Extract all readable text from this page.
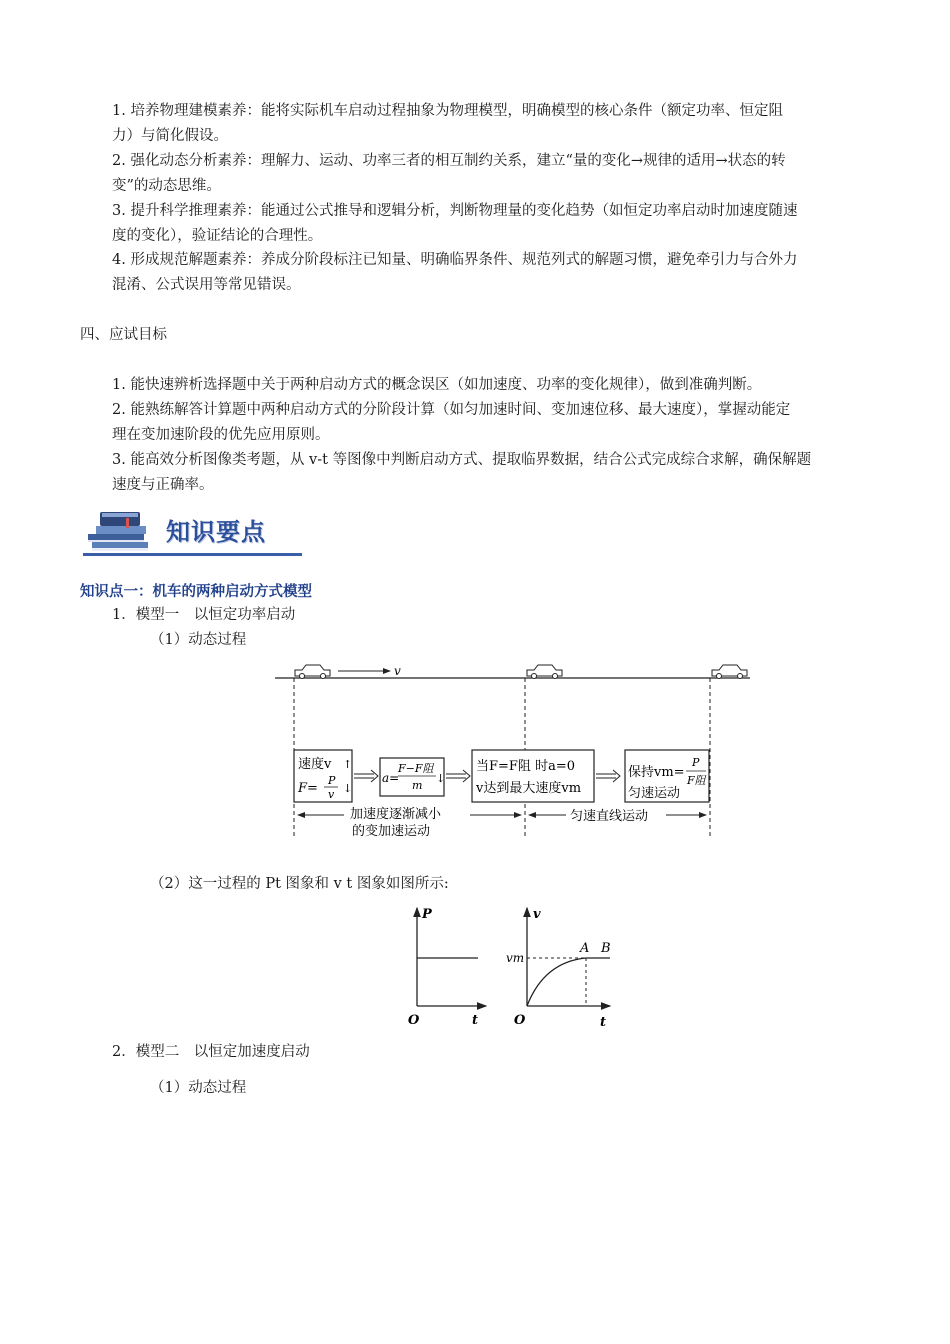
1. 培养物理建模素养：能将实际机车启动过程抽象为物理模型，明确模型的核心条件（额定功率、恒定阻
力）与简化假设。
2. 强化动态分析素养：理解力、运动、功率三者的相互制约关系，建立“量的变化→规律的适用→状态的转
变”的动态思维。
3. 提升科学推理素养：能通过公式推导和逻辑分析，判断物理量的变化趋势（如恒定功率启动时加速度随速
度的变化），验证结论的合理性。
4. 形成规范解题素养：养成分阶段标注已知量、明确临界条件、规范列式的解题习惯，避免牵引力与合外力
混淆、公式误用等常见错误。
四、应试目标
1. 能快速辨析选择题中关于两种启动方式的概念误区（如加速度、功率的变化规律），做到准确判断。
2. 能熟练解答计算题中两种启动方式的分阶段计算（如匀加速时间、变加速位移、最大速度），掌握动能定
理在变加速阶段的优先应用原则。
3. 能高效分析图像类考题，从 v-t 等图像中判断启动方式、提取临界数据，结合公式完成综合求解，确保解题
速度与正确率。
知识要点
知识点一：机车的两种启动方式模型
1．模型一　以恒定功率启动
（1）动态过程
v
速度v ↑
F=
P
v ↓
a=
F−F阻
m
↓
当F=F阻 时a=0
v达到最大速度vm
保持vm=
P
F阻
匀速运动
加速度逐渐减小
的变加速运动
匀速直线运动
（2）这一过程的 Pt 图象和 v t 图象如图所示:
P
t
O
v
vm
A B
t
O
2．模型二　以恒定加速度启动
（1）动态过程
